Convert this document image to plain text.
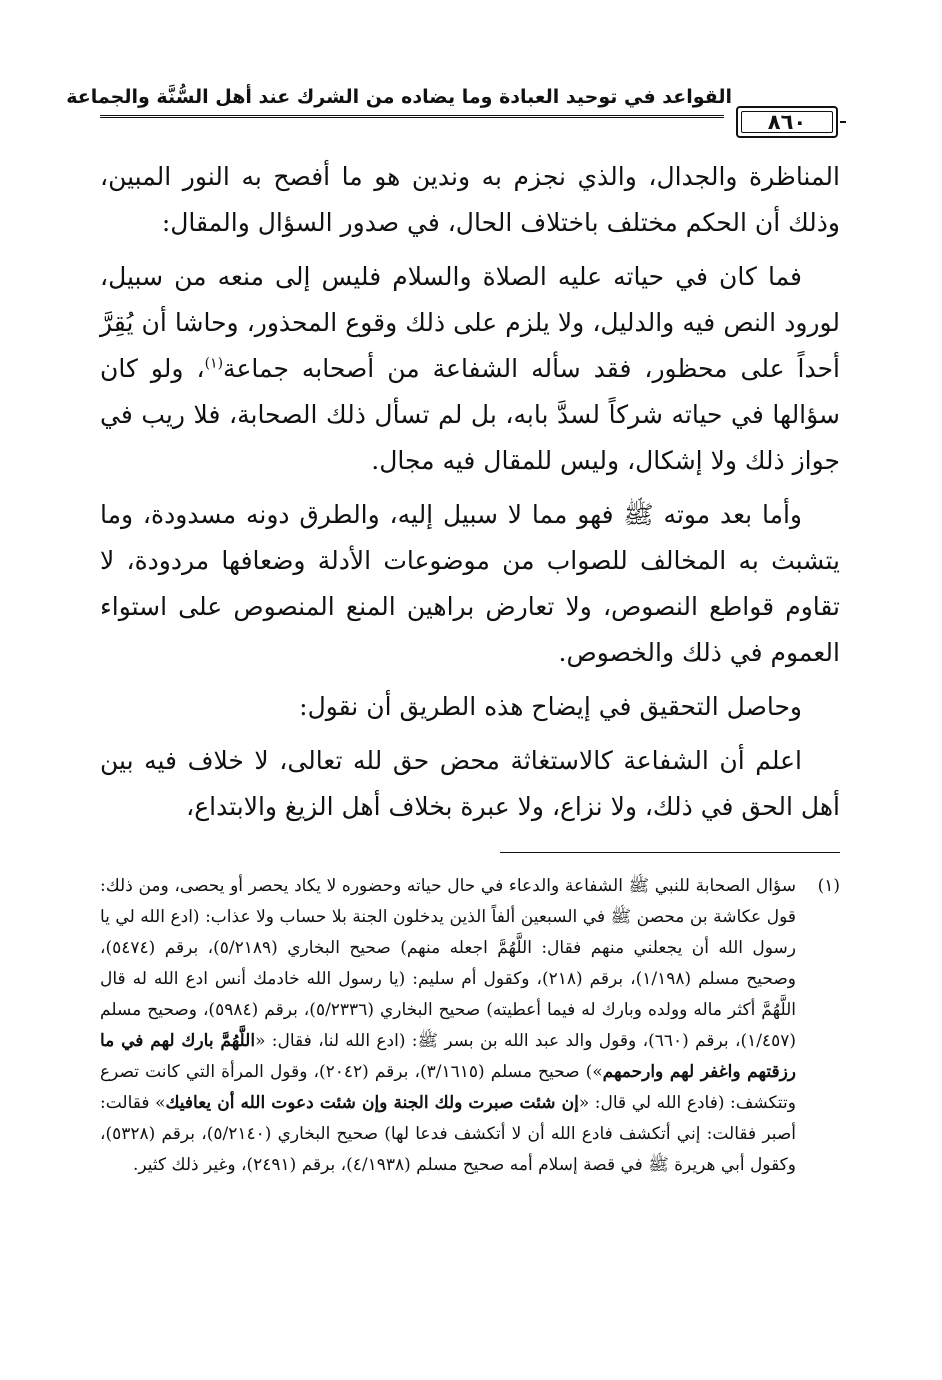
القواعد في توحيد العبادة وما يضاده من الشرك عند أهل السُّنَّة والجماعة
٨٦٠

المناظرة والجدال، والذي نجزم به وندين هو ما أفصح به النور المبين، وذلك أن الحكم مختلف باختلاف الحال، في صدور السؤال والمقال:

فما كان في حياته عليه الصلاة والسلام فليس إلى منعه من سبيل، لورود النص فيه والدليل، ولا يلزم على ذلك وقوع المحذور، وحاشا أن يُقِرَّ أحداً على محظور، فقد سأله الشفاعة من أصحابه جماعة$^{(١)}$، ولو كان سؤالها في حياته شركاً لسدَّ بابه، بل لم تسأل ذلك الصحابة، فلا ريب في جواز ذلك ولا إشكال، وليس للمقال فيه مجال.

وأما بعد موته ﷺ فهو مما لا سبيل إليه، والطرق دونه مسدودة، وما يتشبث به المخالف للصواب من موضوعات الأدلة وضعافها مردودة، لا تقاوم قواطع النصوص، ولا تعارض براهين المنع المنصوص على استواء العموم في ذلك والخصوص.

وحاصل التحقيق في إيضاح هذه الطريق أن نقول:

اعلم أن الشفاعة كالاستغاثة محض حق لله تعالى، لا خلاف فيه بين أهل الحق في ذلك، ولا نزاع، ولا عبرة بخلاف أهل الزيغ والابتداع،

(١)
سؤال الصحابة للنبي ﷺ الشفاعة والدعاء في حال حياته وحضوره لا يكاد يحصر أو يحصى، ومن ذلك: قول عكاشة بن محصن ﷺ في السبعين ألفاً الذين يدخلون الجنة بلا حساب ولا عذاب: (ادع الله لي يا رسول الله أن يجعلني منهم فقال: اللَّهُمَّ اجعله منهم) صحيح البخاري (٥/٢١٨٩)، برقم (٥٤٧٤)، وصحيح مسلم (١/١٩٨)، برقم (٢١٨)، وكقول أم سليم: (يا رسول الله خادمك أنس ادع الله له قال اللَّهُمَّ أكثر ماله وولده وبارك له فيما أعطيته) صحيح البخاري (٥/٢٣٣٦)، برقم (٥٩٨٤)، وصحيح مسلم (١/٤٥٧)، برقم (٦٦٠)، وقول والد عبد الله بن بسر ﷺ: (ادع الله لنا، فقال: «اللَّهُمَّ بارك لهم في ما رزقتهم واغفر لهم وارحمهم») صحيح مسلم (٣/١٦١٥)، برقم (٢٠٤٢)، وقول المرأة التي كانت تصرع وتتكشف: (فادع الله لي قال: «إن شئت صبرت ولك الجنة وإن شئت دعوت الله أن يعافيك» فقالت: أصبر فقالت: إني أتكشف فادع الله أن لا أتكشف فدعا لها) صحيح البخاري (٥/٢١٤٠)، برقم (٥٣٢٨)، وكقول أبي هريرة ﷺ في قصة إسلام أمه صحيح مسلم (٤/١٩٣٨)، برقم (٢٤٩١)، وغير ذلك كثير.
